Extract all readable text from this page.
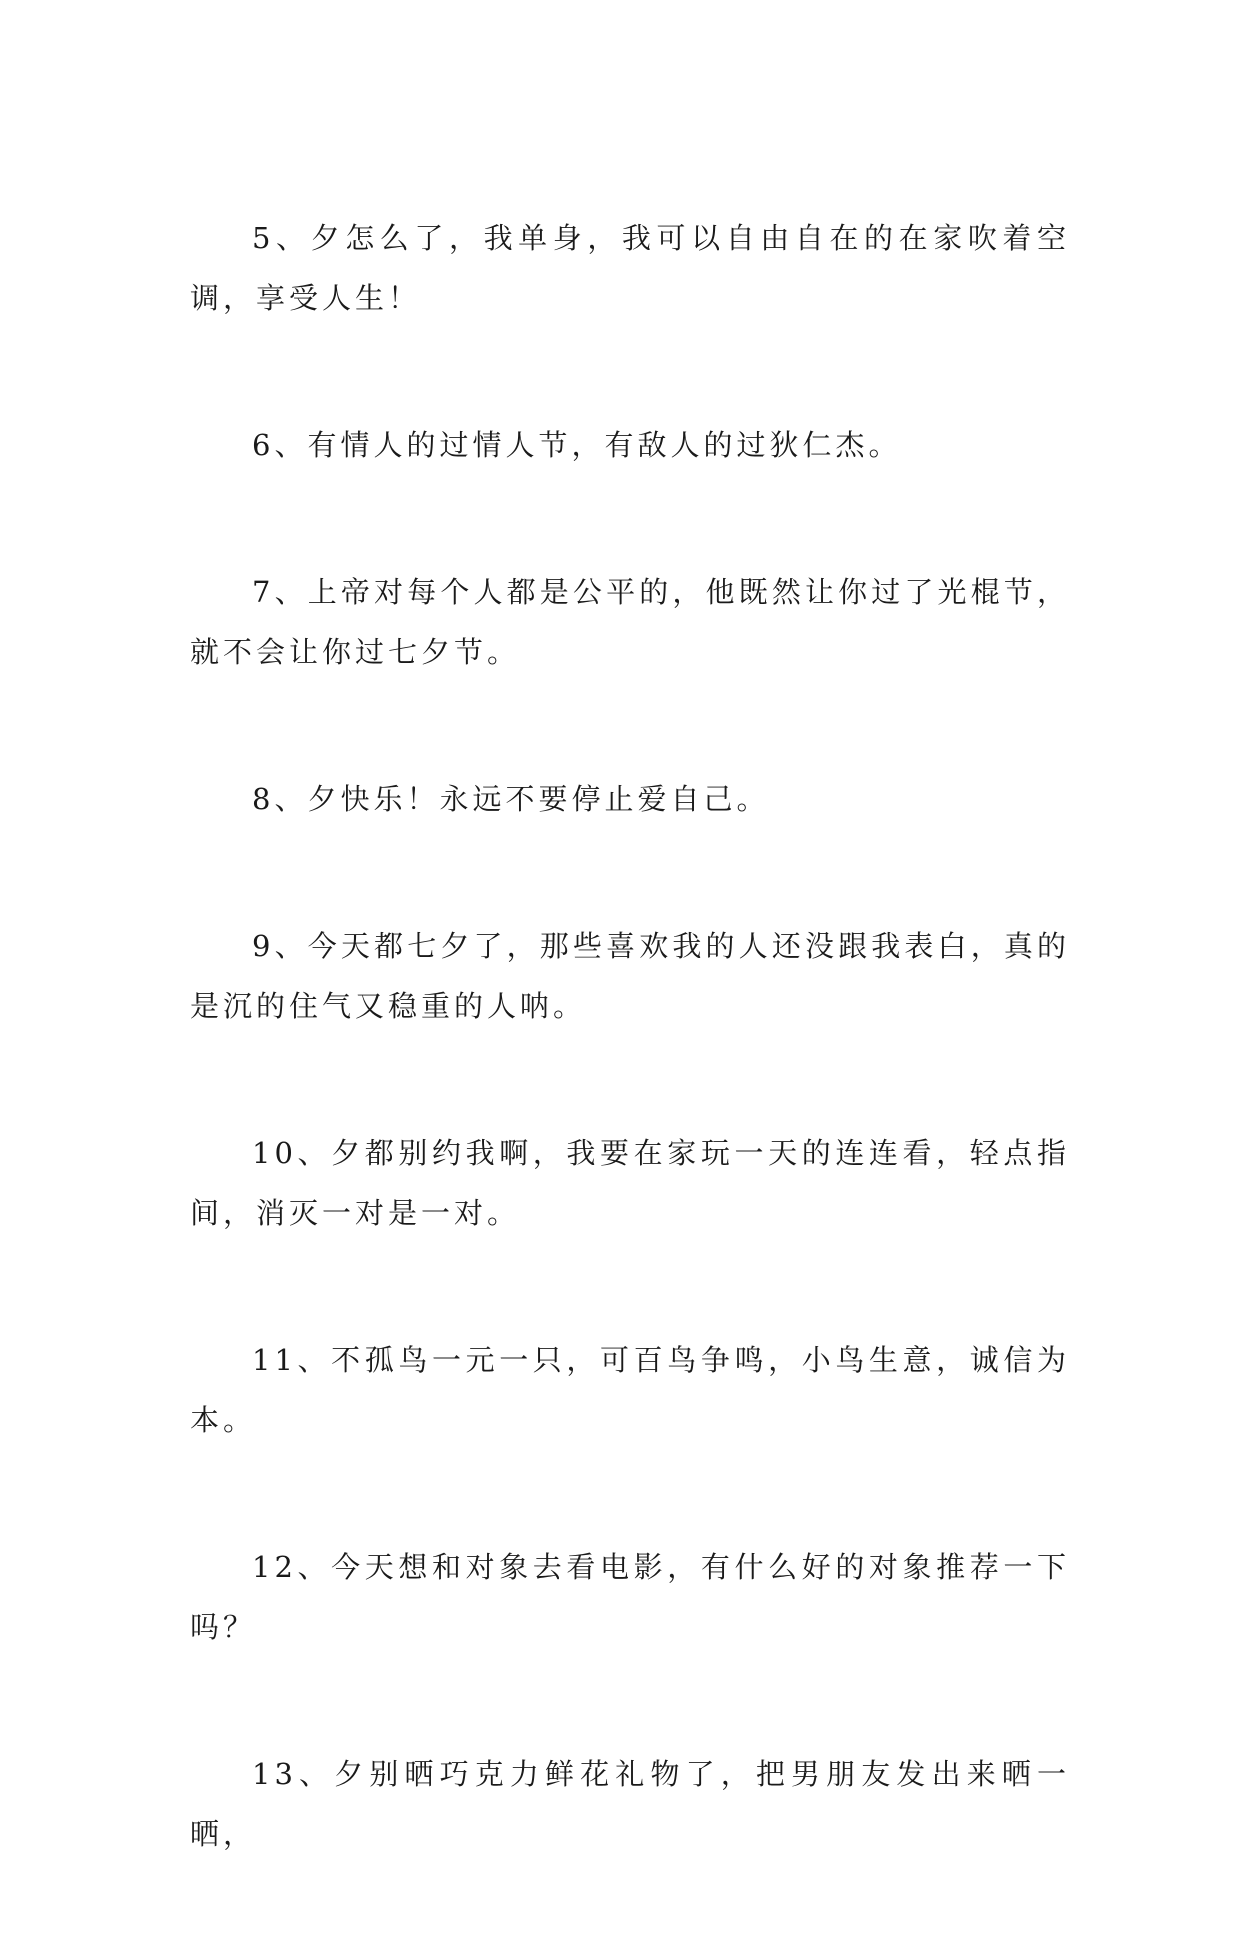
5、夕怎么了，我单身，我可以自由自在的在家吹着空调，享受人生！

6、有情人的过情人节，有敌人的过狄仁杰。

7、上帝对每个人都是公平的，他既然让你过了光棍节，就不会让你过七夕节。

8、夕快乐！永远不要停止爱自己。

9、今天都七夕了，那些喜欢我的人还没跟我表白，真的是沉的住气又稳重的人呐。

10、夕都别约我啊，我要在家玩一天的连连看，轻点指间，消灭一对是一对。

11、不孤鸟一元一只，可百鸟争鸣，小鸟生意，诚信为本。

12、今天想和对象去看电影，有什么好的对象推荐一下吗？

13、夕别晒巧克力鲜花礼物了，把男朋友发出来晒一晒，
